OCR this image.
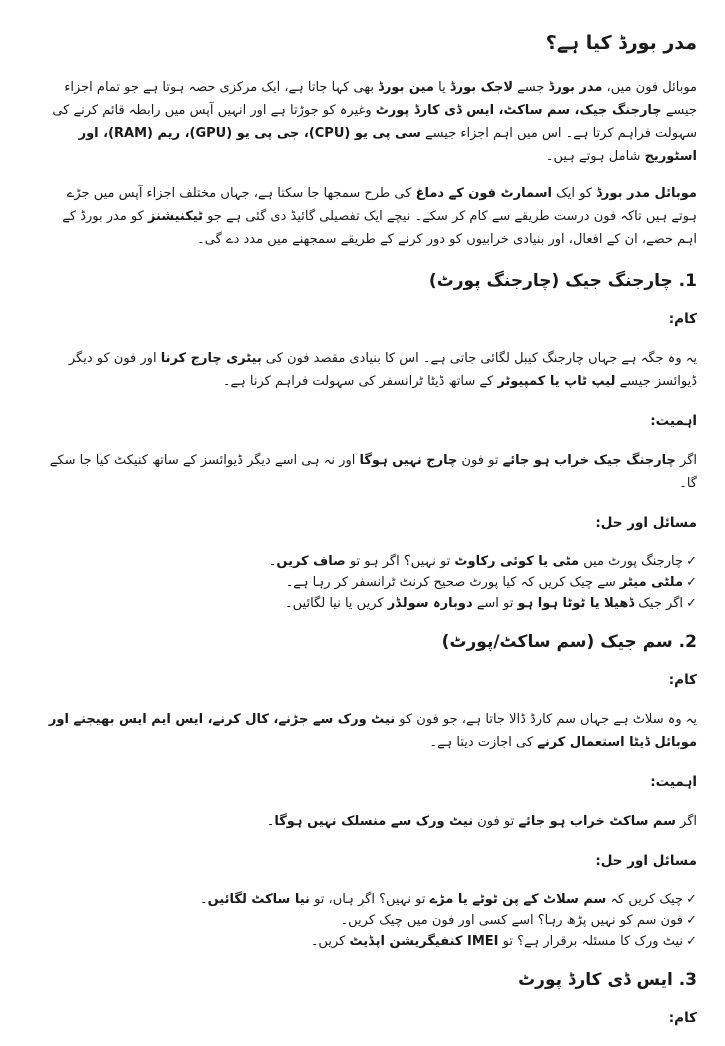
مدر بورڈ کیا ہے؟

موبائل فون میں، مدر بورڈ جسے لاجک بورڈ یا مین بورڈ بھی کہا جاتا ہے، ایک مرکزی حصہ ہوتا ہے جو تمام اجزاء جیسے چارجنگ جیک، سم ساکٹ، ایس ڈی کارڈ پورٹ وغیرہ کو جوڑتا ہے اور انہیں آپس میں رابطہ قائم کرنے کی سہولت فراہم کرتا ہے۔ اس میں اہم اجزاء جیسے سی پی یو (CPU)، جی پی یو (GPU)، ریم (RAM)، اور اسٹوریج شامل ہوتے ہیں۔

موبائل مدر بورڈ کو ایک اسمارٹ فون کے دماغ کی طرح سمجھا جا سکتا ہے، جہاں مختلف اجزاء آپس میں جڑے ہوتے ہیں تاکہ فون درست طریقے سے کام کر سکے۔ نیچے ایک تفصیلی گائیڈ دی گئی ہے جو ٹیکنیشنز کو مدر بورڈ کے اہم حصے، ان کے افعال، اور بنیادی خرابیوں کو دور کرنے کے طریقے سمجھنے میں مدد دے گی۔

1. چارجنگ جیک (چارجنگ پورٹ)
کام:

یہ وہ جگہ ہے جہاں چارجنگ کیبل لگائی جاتی ہے۔ اس کا بنیادی مقصد فون کی بیٹری چارج کرنا اور فون کو دیگر ڈیوائسز جیسے لیپ ٹاپ یا کمپیوٹر کے ساتھ ڈیٹا ٹرانسفر کی سہولت فراہم کرنا ہے۔

اہمیت:

اگر چارجنگ جیک خراب ہو جائے تو فون چارج نہیں ہوگا اور نہ ہی اسے دیگر ڈیوائسز کے ساتھ کنیکٹ کیا جا سکے گا۔

مسائل اور حل:

✓چارجنگ پورٹ میں مٹی یا کوئی رکاوٹ تو نہیں؟ اگر ہو تو صاف کریں۔

✓ملٹی میٹر سے چیک کریں کہ کیا پورٹ صحیح کرنٹ ٹرانسفر کر رہا ہے۔

✓اگر جیک ڈھیلا یا ٹوٹا ہوا ہو تو اسے دوبارہ سولڈر کریں یا نیا لگائیں۔

2. سم جیک (سم ساکٹ/پورٹ)
کام:

یہ وہ سلاٹ ہے جہاں سم کارڈ ڈالا جاتا ہے، جو فون کو نیٹ ورک سے جڑنے، کال کرنے، ایس ایم ایس بھیجنے اور موبائل ڈیٹا استعمال کرنے کی اجازت دیتا ہے۔

اہمیت:

اگر سم ساکٹ خراب ہو جائے تو فون نیٹ ورک سے منسلک نہیں ہوگا۔

مسائل اور حل:

✓چیک کریں کہ سم سلاٹ کے پن ٹوٹے یا مڑے تو نہیں؟ اگر ہاں، تو نیا ساکٹ لگائیں۔

✓فون سم کو نہیں پڑھ رہا؟ اسے کسی اور فون میں چیک کریں۔

✓نیٹ ورک کا مسئلہ برقرار ہے؟ تو IMEI کنفیگریشن اپڈیٹ کریں۔

3. ایس ڈی کارڈ پورٹ
کام:
